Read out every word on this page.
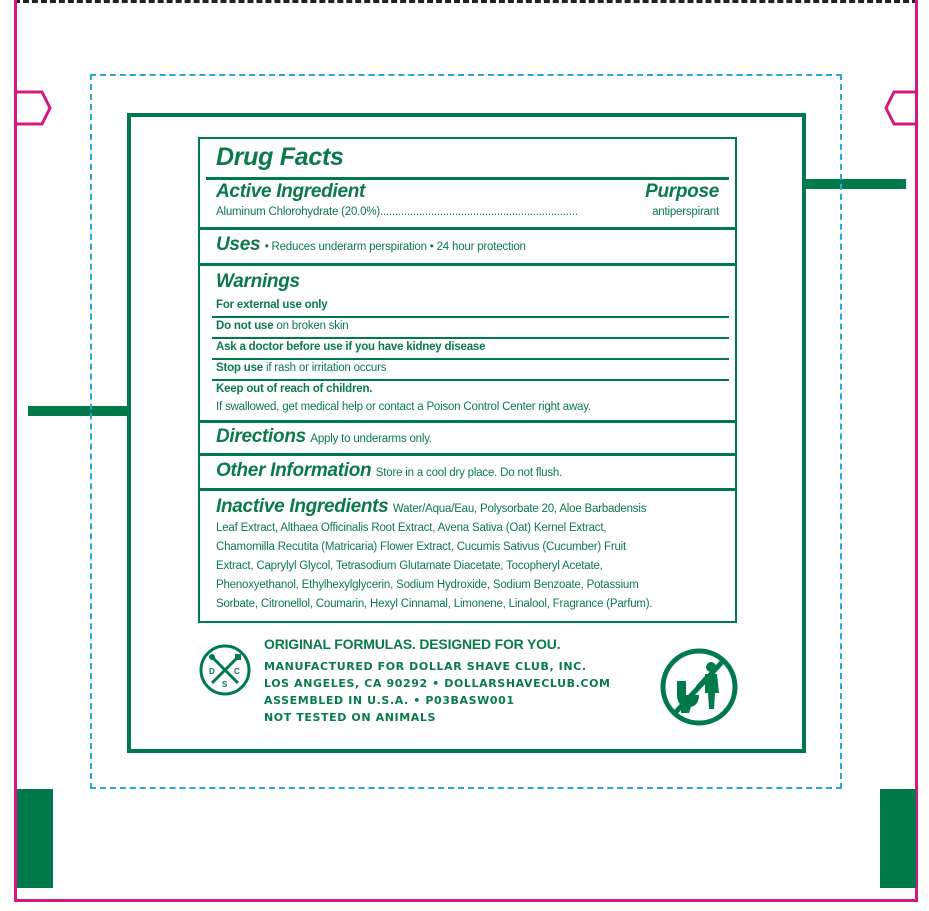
Drug Facts
Active Ingredient	Purpose
Aluminum Chlorohydrate (20.0%)..................................................................	antiperspirant
Uses • Reduces underarm perspiration • 24 hour protection
Warnings
For external use only
Do not use on broken skin
Ask a doctor before use if you have kidney disease
Stop use if rash or irritation occurs
Keep out of reach of children.
If swallowed, get medical help or contact a Poison Control Center right away.
Directions Apply to underarms only.
Other Information Store in a cool dry place. Do not flush.
Inactive Ingredients Water/Aqua/Eau, Polysorbate 20, Aloe Barbadensis
Leaf Extract, Althaea Officinalis Root Extract, Avena Sativa (Oat) Kernel Extract,
Chamomilla Recutita (Matricaria) Flower Extract, Cucumis Sativus (Cucumber) Fruit
Extract, Caprylyl Glycol, Tetrasodium Glutamate Diacetate, Tocopheryl Acetate,
Phenoxyethanol, Ethylhexylglycerin, Sodium Hydroxide, Sodium Benzoate, Potassium
Sorbate, Citronellol, Coumarin, Hexyl Cinnamal, Limonene, Linalool, Fragrance (Parfum).
D
S
C
ORIGINAL FORMULAS. DESIGNED FOR YOU.
MANUFACTURED FOR DOLLAR SHAVE CLUB, INC.
LOS ANGELES, CA 90292 • DOLLARSHAVECLUB.COM
ASSEMBLED IN U.S.A. • P03BASW001
NOT TESTED ON ANIMALS
